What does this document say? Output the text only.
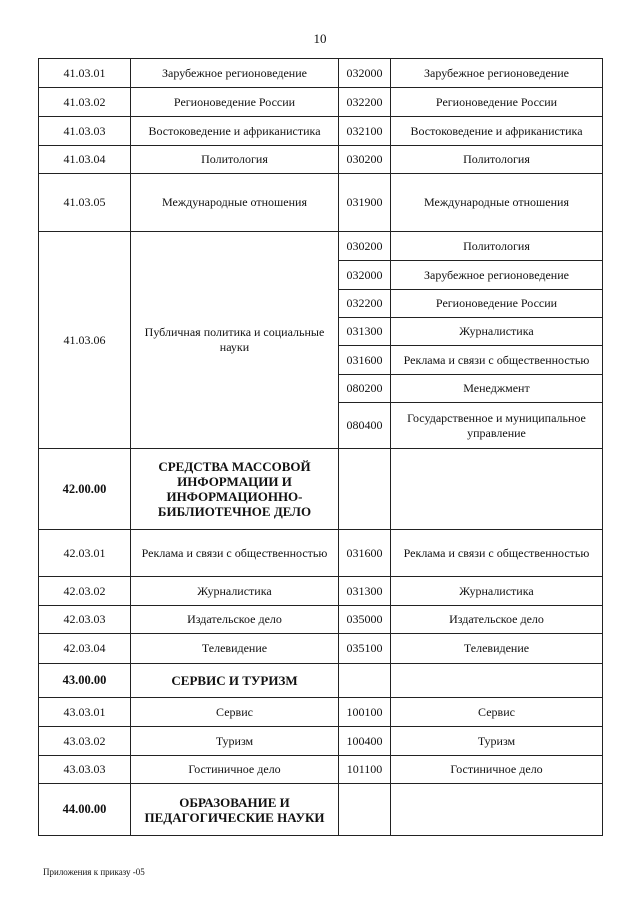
10
41.03.01	Зарубежное регионоведение	032000	Зарубежное регионоведение
41.03.02	Регионоведение России	032200	Регионоведение России
41.03.03	Востоковедение и африканистика	032100	Востоковедение и африканистика
41.03.04	Политология	030200	Политология
41.03.05	Международные отношения	031900	Международные отношения
41.03.06	Публичная политика и социальные науки	030200	Политология
		032000	Зарубежное регионоведение
		032200	Регионоведение России
		031300	Журналистика
		031600	Реклама и связи с общественностью
		080200	Менеджмент
		080400	Государственное и муниципальное управление
42.00.00	СРЕДСТВА МАССОВОЙ ИНФОРМАЦИИ И ИНФОРМАЦИОННО-БИБЛИОТЕЧНОЕ ДЕЛО		
42.03.01	Реклама и связи с общественностью	031600	Реклама и связи с общественностью
42.03.02	Журналистика	031300	Журналистика
42.03.03	Издательское дело	035000	Издательское дело
42.03.04	Телевидение	035100	Телевидение
43.00.00	СЕРВИС И ТУРИЗМ		
43.03.01	Сервис	100100	Сервис
43.03.02	Туризм	100400	Туризм
43.03.03	Гостиничное дело	101100	Гостиничное дело
44.00.00	ОБРАЗОВАНИЕ И ПЕДАГОГИЧЕСКИЕ НАУКИ		
Приложения к приказу -05
